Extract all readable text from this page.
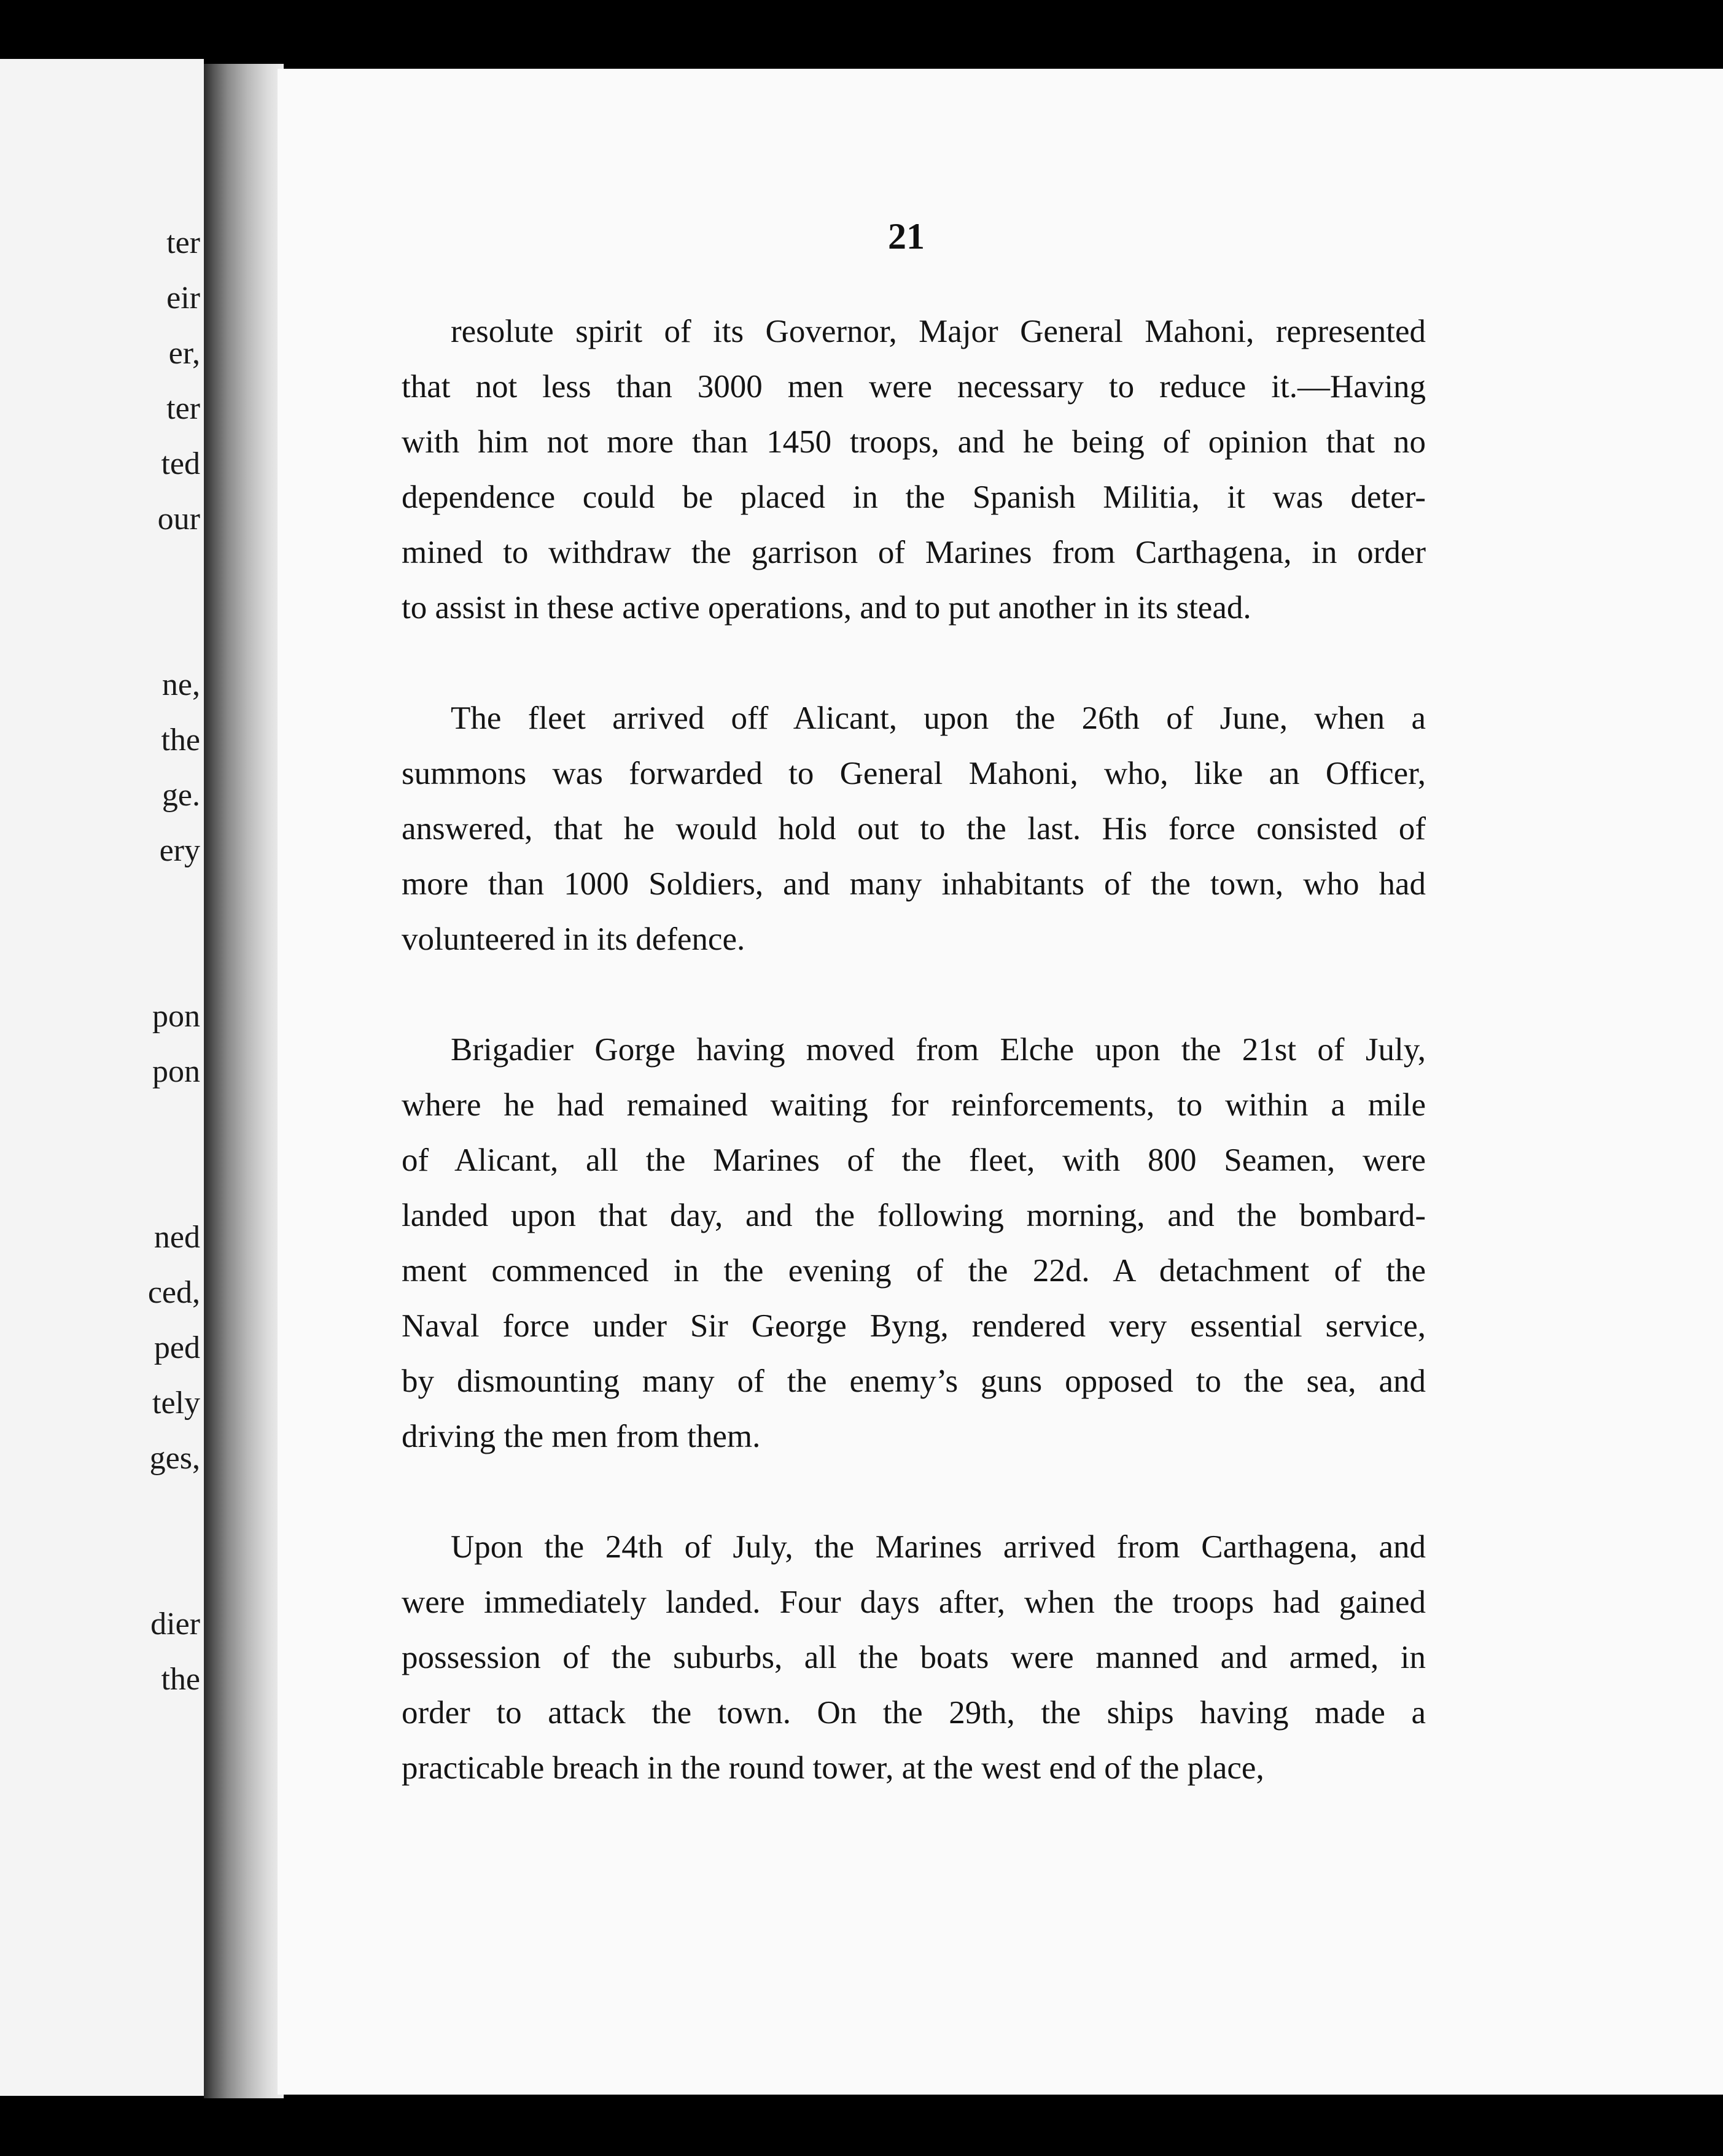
ter
eir
er,
ter
ted
our
ne,
the
ge.
ery
pon
pon
ned
ced,
ped
tely
ges,
dier
the
21
resolute spirit of its Governor, Major General Mahoni, represented
that not less than 3000 men were necessary to reduce it.—Having
with him not more than 1450 troops, and he being of opinion that no
dependence could be placed in the Spanish Militia, it was deter-
mined to withdraw the garrison of Marines from Carthagena, in order
to assist in these active operations, and to put another in its stead.
The fleet arrived off Alicant, upon the 26th of June, when a
summons was forwarded to General Mahoni, who, like an Officer,
answered, that he would hold out to the last. His force consisted of
more than 1000 Soldiers, and many inhabitants of the town, who had
volunteered in its defence.
Brigadier Gorge having moved from Elche upon the 21st of July,
where he had remained waiting for reinforcements, to within a mile
of Alicant, all the Marines of the fleet, with 800 Seamen, were
landed upon that day, and the following morning, and the bombard-
ment commenced in the evening of the 22d. A detachment of the
Naval force under Sir George Byng, rendered very essential service,
by dismounting many of the enemy’s guns opposed to the sea, and
driving the men from them.
Upon the 24th of July, the Marines arrived from Carthagena, and
were immediately landed. Four days after, when the troops had gained
possession of the suburbs, all the boats were manned and armed, in
order to attack the town. On the 29th, the ships having made a
practicable breach in the round tower, at the west end of the place,
